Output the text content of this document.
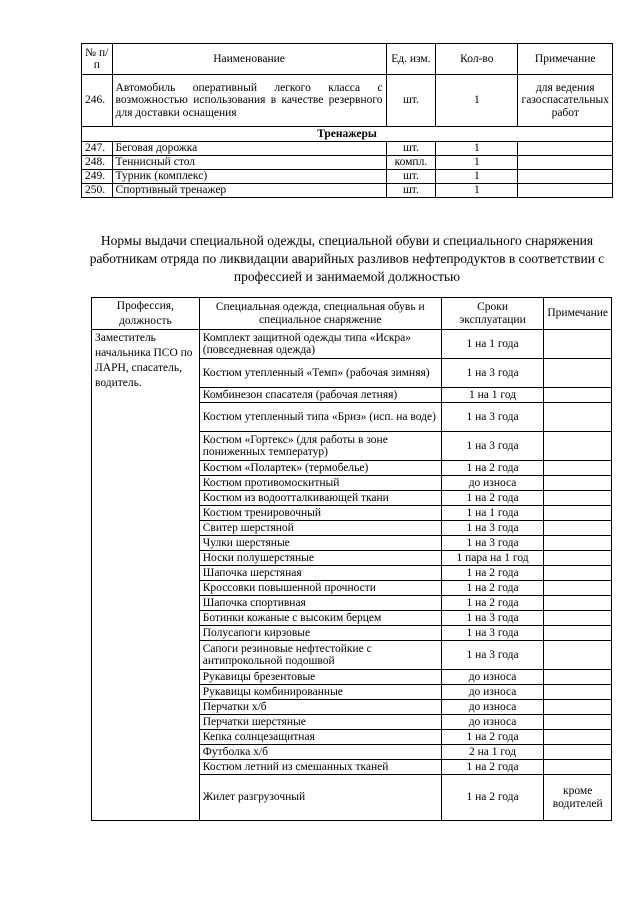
№ п/п	Наименование	Ед. изм.	Кол-во	Примечание
246.	Автомобиль оперативный легкого класса с возможностью использования в качестве резервного для доставки оснащения	шт.	1	для ведения газоспасательных работ
Тренажеры				
247.	Беговая дорожка	шт.	1	
248.	Теннисный стол	компл.	1	
249.	Турник (комплекс)	шт.	1	
250.	Спортивный тренажер	шт.	1	
Нормы выдачи специальной одежды, специальной обуви и специального снаряжения работникам отряда по ликвидации аварийных разливов нефтепродуктов в соответствии с профессией и занимаемой должностью
Профессия, должность	Специальная одежда, специальная обувь и специальное снаряжение	Сроки эксплуатации	Примечание
Заместитель начальника ПСО по ЛАРН, спасатель, водитель.	Комплект защитной одежды типа «Искра» (повседневная одежда)	1 на 1 года	
	Костюм утепленный «Темп» (рабочая зимняя)	1 на 3 года	
	Комбинезон спасателя (рабочая летняя)	1 на 1 год	
	Костюм утепленный типа «Бриз» (исп. на воде)	1 на 3 года	
	Костюм «Гортекс» (для работы в зоне пониженных температур)	1 на 3 года	
	Костюм «Полартек» (термобелье)	1 на 2 года	
	Костюм противомоскитный	до износа	
	Костюм из водоотталкивающей ткани	1 на 2 года	
	Костюм тренировочный	1 на 1 года	
	Свитер шерстяной	1 на 3 года	
	Чулки шерстяные	1 на 3 года	
	Носки полушерстяные	1 пара на 1 год	
	Шапочка шерстяная	1 на 2 года	
	Кроссовки повышенной прочности	1 на 2 года	
	Шапочка спортивная	1 на 2 года	
	Ботинки кожаные с высоким берцем	1 на 3 года	
	Полусапоги кирзовые	1 на 3 года	
	Сапоги резиновые нефтестойкие с антипрокольной подошвой	1 на 3 года	
	Рукавицы брезентовые	до износа	
	Рукавицы комбинированные	до износа	
	Перчатки х/б	до износа	
	Перчатки шерстяные	до износа	
	Кепка солнцезащитная	1 на 2 года	
	Футболка х/б	2 на 1 год	
	Костюм летний из смешанных тканей	1 на 2 года	
	Жилет разгрузочный	1 на 2 года	кроме водителей
